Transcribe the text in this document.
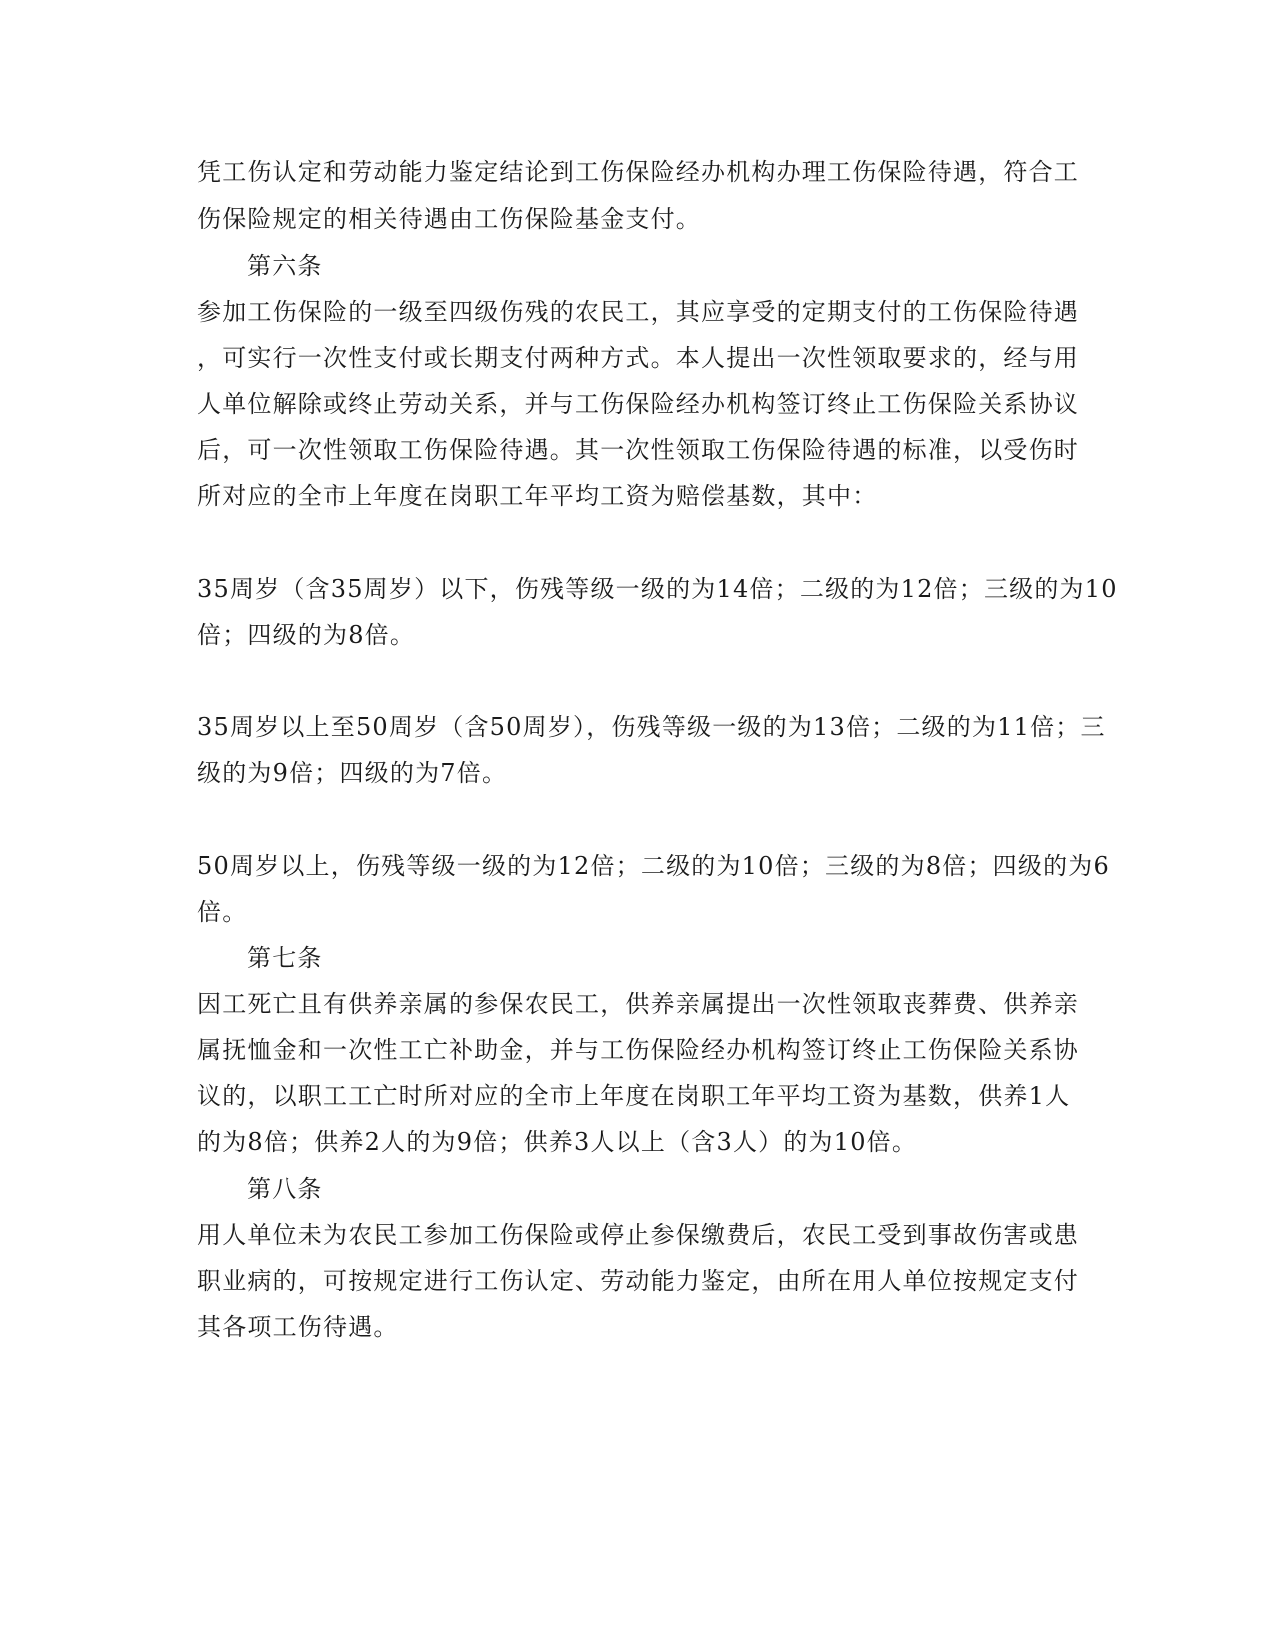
凭工伤认定和劳动能力鉴定结论到工伤保险经办机构办理工伤保险待遇，符合工
伤保险规定的相关待遇由工伤保险基金支付。
第六条
参加工伤保险的一级至四级伤残的农民工，其应享受的定期支付的工伤保险待遇
，可实行一次性支付或长期支付两种方式。本人提出一次性领取要求的，经与用
人单位解除或终止劳动关系，并与工伤保险经办机构签订终止工伤保险关系协议
后，可一次性领取工伤保险待遇。其一次性领取工伤保险待遇的标准，以受伤时
所对应的全市上年度在岗职工年平均工资为赔偿基数，其中：
35周岁（含35周岁）以下，伤残等级一级的为14倍；二级的为12倍；三级的为10
倍；四级的为8倍。
35周岁以上至50周岁（含50周岁），伤残等级一级的为13倍；二级的为11倍；三
级的为9倍；四级的为7倍。
50周岁以上，伤残等级一级的为12倍；二级的为10倍；三级的为8倍；四级的为6
倍。
第七条
因工死亡且有供养亲属的参保农民工，供养亲属提出一次性领取丧葬费、供养亲
属抚恤金和一次性工亡补助金，并与工伤保险经办机构签订终止工伤保险关系协
议的，以职工工亡时所对应的全市上年度在岗职工年平均工资为基数，供养1人
的为8倍；供养2人的为9倍；供养3人以上（含3人）的为10倍。
第八条
用人单位未为农民工参加工伤保险或停止参保缴费后，农民工受到事故伤害或患
职业病的，可按规定进行工伤认定、劳动能力鉴定，由所在用人单位按规定支付
其各项工伤待遇。
